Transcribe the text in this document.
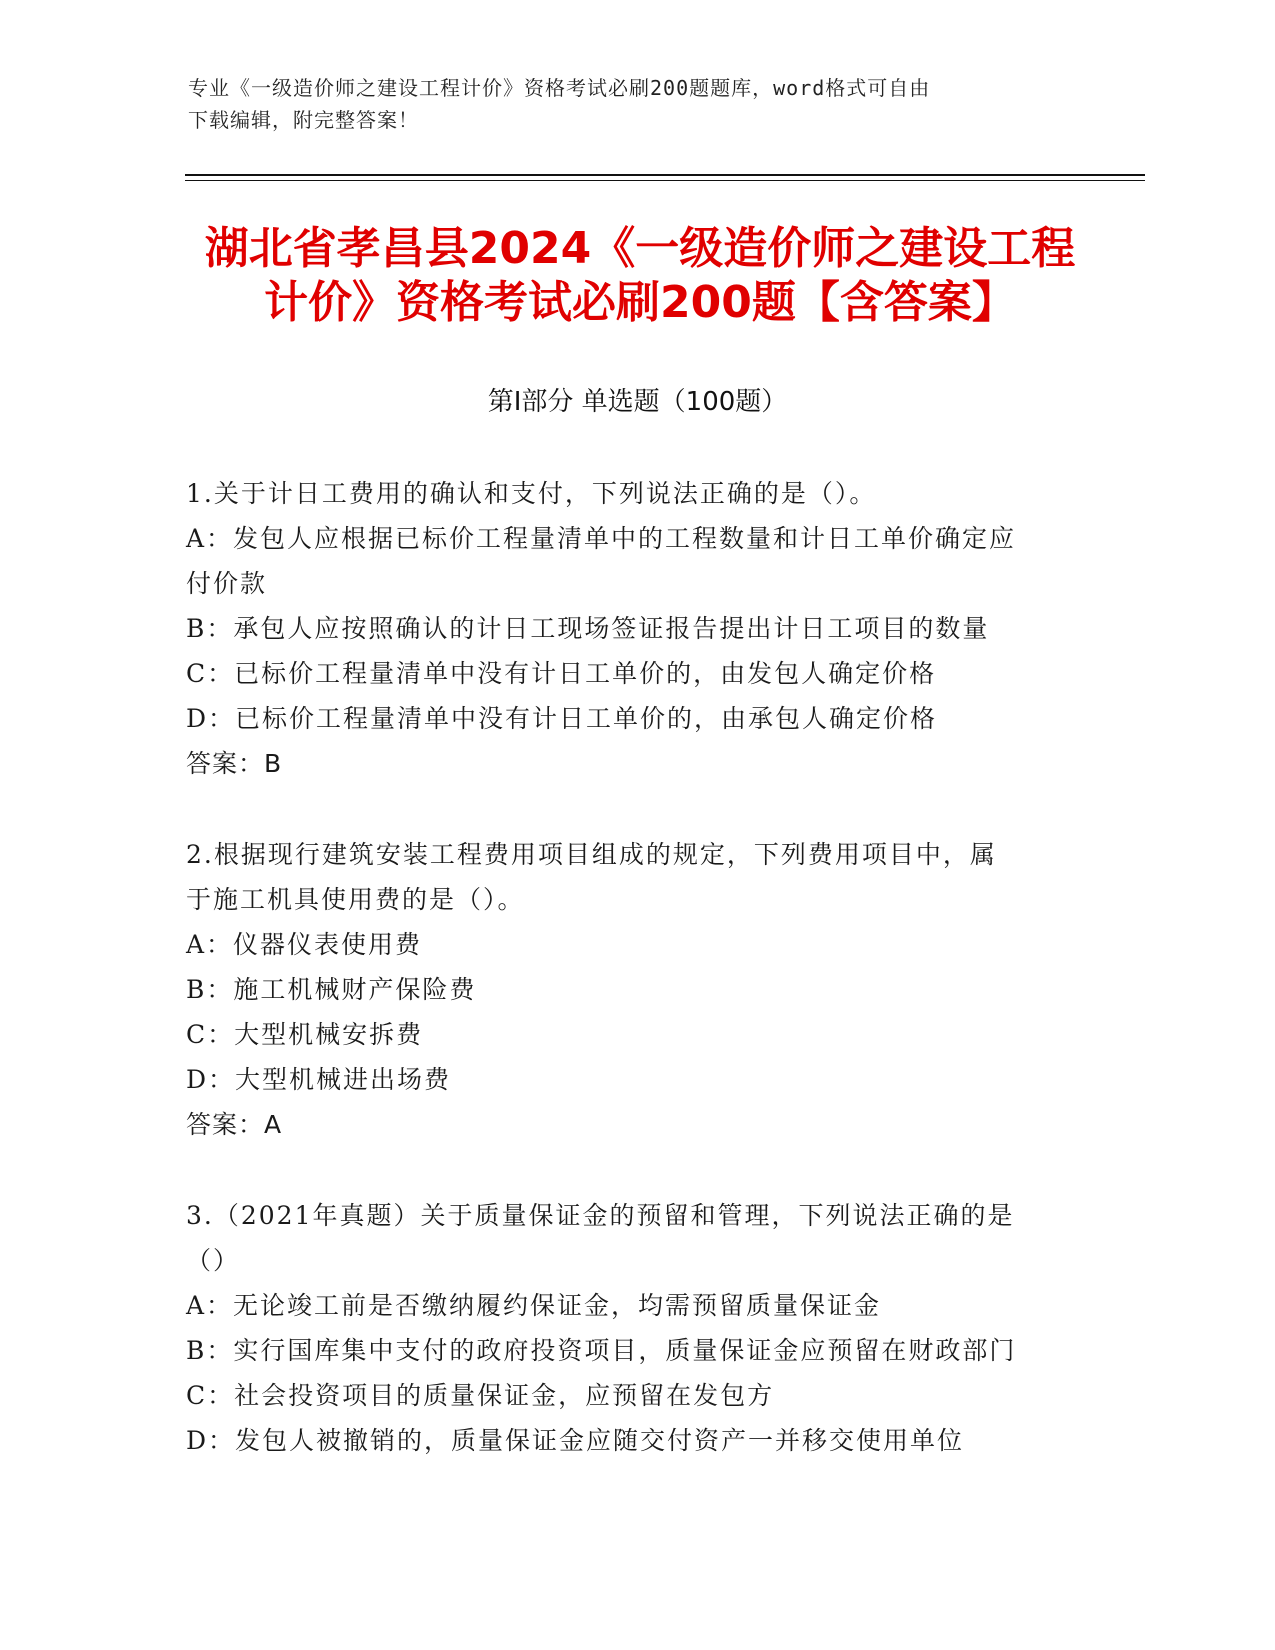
专业《一级造价师之建设工程计价》资格考试必刷200题题库，word格式可自由
下载编辑，附完整答案！
湖北省孝昌县2024《一级造价师之建设工程
计价》资格考试必刷200题【含答案】
第Ⅰ部分 单选题（100题）
1.关于计日工费用的确认和支付，下列说法正确的是（）。
A：发包人应根据已标价工程量清单中的工程数量和计日工单价确定应
付价款
B：承包人应按照确认的计日工现场签证报告提出计日工项目的数量
C：已标价工程量清单中没有计日工单价的，由发包人确定价格
D：已标价工程量清单中没有计日工单价的，由承包人确定价格
答案：B
2.根据现行建筑安装工程费用项目组成的规定，下列费用项目中，属
于施工机具使用费的是（）。
A：仪器仪表使用费
B：施工机械财产保险费
C：大型机械安拆费
D：大型机械进出场费
答案：A
3.（2021年真题）关于质量保证金的预留和管理，下列说法正确的是
（）
A：无论竣工前是否缴纳履约保证金，均需预留质量保证金
B：实行国库集中支付的政府投资项目，质量保证金应预留在财政部门
C：社会投资项目的质量保证金，应预留在发包方
D：发包人被撤销的，质量保证金应随交付资产一并移交使用单位
